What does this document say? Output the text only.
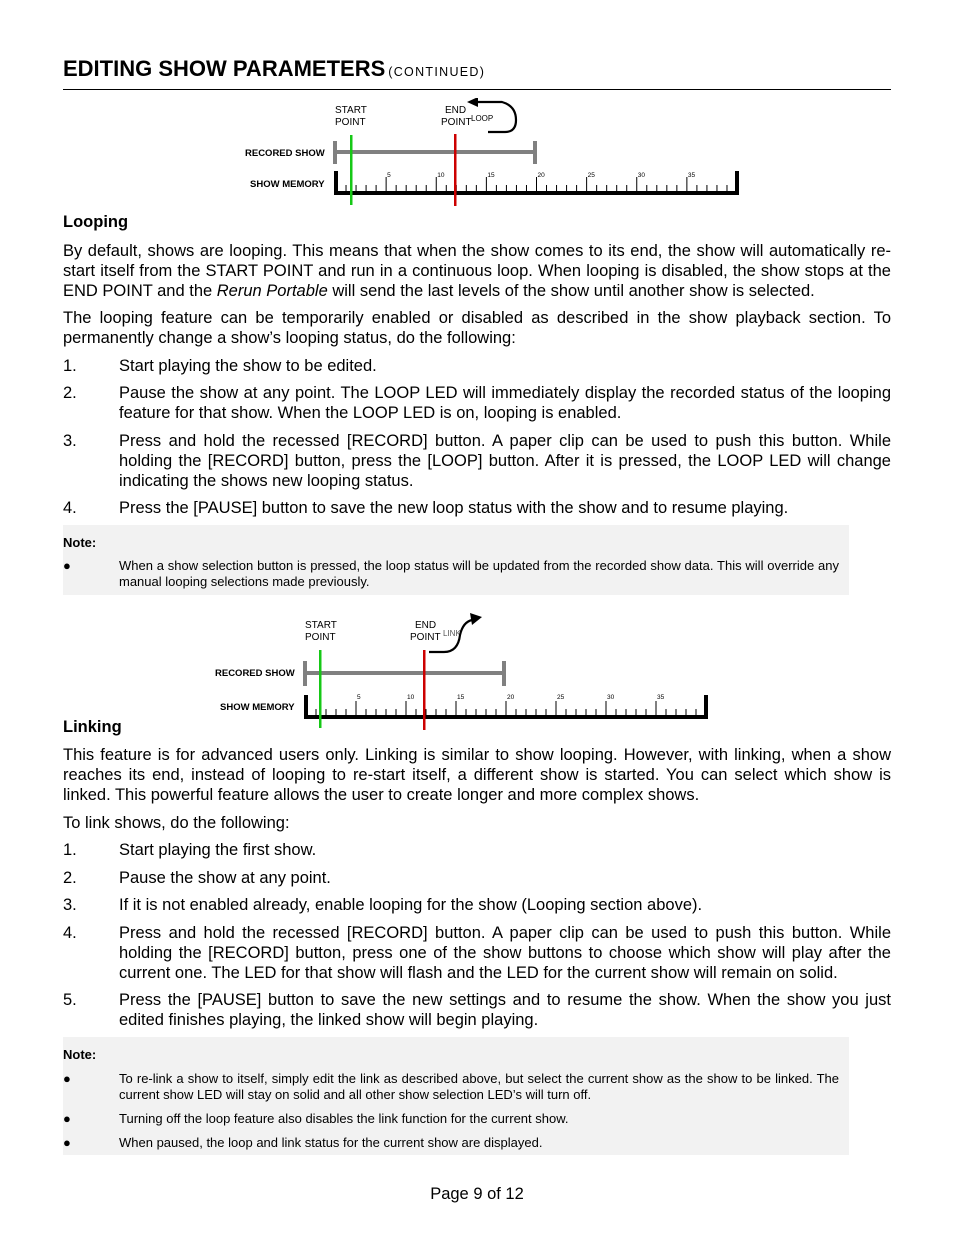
EDITING SHOW PARAMETERS (CONTINUED)
START
POINT
END
POINT LOOP
RECORED SHOW
SHOW MEMORY
5	10	15	20	25	30	35
Looping
By default, shows are looping. This means that when the show comes to its end, the show will automatically re-start itself from the START POINT and run in a continuous loop. When looping is disabled, the show stops at the END POINT and the Rerun Portable will send the last levels of the show until another show is selected.
The looping feature can be temporarily enabled or disabled as described in the show playback section. To permanently change a show’s looping status, do the following:
1.	Start playing the show to be edited.
2.	Pause the show at any point. The LOOP LED will immediately display the recorded status of the looping feature for that show. When the LOOP LED is on, looping is enabled.
3.	Press and hold the recessed [RECORD] button. A paper clip can be used to push this button. While holding the [RECORD] button, press the [LOOP] button. After it is pressed, the LOOP LED will change indicating the shows new looping status.
4.	Press the [PAUSE] button to save the new loop status with the show and to resume playing.
Note:
●	When a show selection button is pressed, the loop status will be updated from the recorded show data. This will override any manual looping selections made previously.
START
POINT
END
POINT LINK
RECORED SHOW
SHOW MEMORY
5	10	15	20	25	30	35
Linking
This feature is for advanced users only. Linking is similar to show looping. However, with linking, when a show reaches its end, instead of looping to re-start itself, a different show is started. You can select which show is linked. This powerful feature allows the user to create longer and more complex shows.
To link shows, do the following:
1.	Start playing the first show.
2.	Pause the show at any point.
3.	If it is not enabled already, enable looping for the show (Looping section above).
4.	Press and hold the recessed [RECORD] button. A paper clip can be used to push this button. While holding the [RECORD] button, press one of the show buttons to choose which show will play after the current one. The LED for that show will flash and the LED for the current show will remain on solid.
5.	Press the [PAUSE] button to save the new settings and to resume the show. When the show you just edited finishes playing, the linked show will begin playing.
Note:
●	To re-link a show to itself, simply edit the link as described above, but select the current show as the show to be linked. The current show LED will stay on solid and all other show selection LED’s will turn off.
●	Turning off the loop feature also disables the link function for the current show.
●	When paused, the loop and link status for the current show are displayed.
Page 9 of 12
